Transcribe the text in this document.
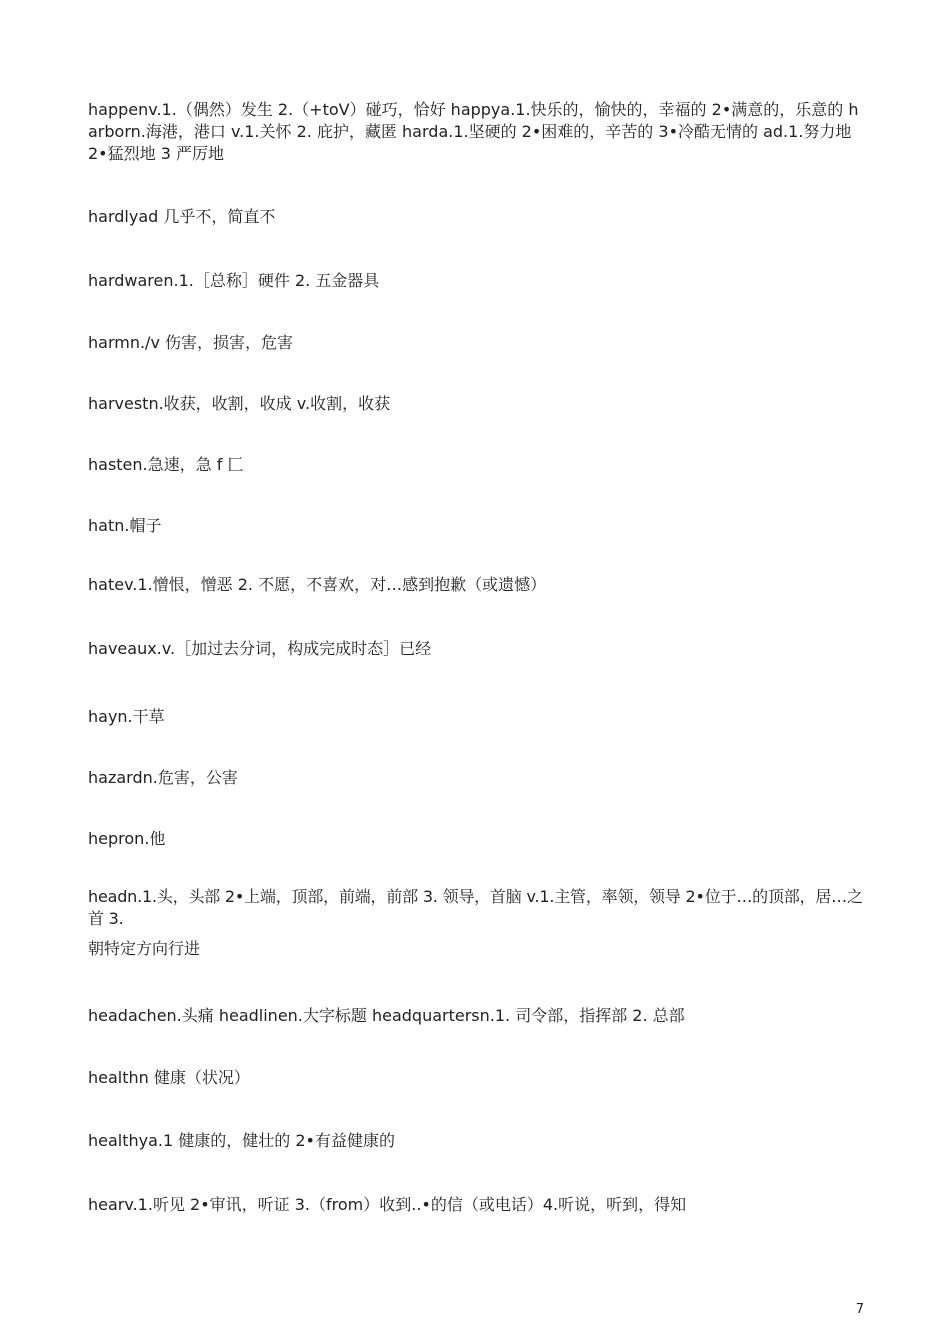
happenv.1.（偶然）发生 2.（+toV）碰巧，恰好 happya.1.快乐的，愉快的，幸福的 2•满意的，乐意的 harborn.海港，港口 v.1.关怀 2. 庇护，藏匿 harda.1.坚硬的 2•困难的，辛苦的 3•冷酷无情的 ad.1.努力地 2•猛烈地 3 严厉地
hardlyad 几乎不，简直不
hardwaren.1.［总称］硬件 2. 五金器具
harmn./v 伤害，损害，危害
harvestn.收获，收割，收成 v.收割，收获
hasten.急速，急 f 匚
hatn.帽子
hatev.1.憎恨，憎恶 2. 不愿，不喜欢，对…感到抱歉（或遗憾）
haveaux.v.［加过去分词，构成完成时态］已经
hayn.干草
hazardn.危害，公害
hepron.他
headn.1.头，头部 2•上端，顶部，前端，前部 3. 领导，首脑 v.1.主管，率领，领导 2•位于…的顶部，居…之首 3.
朝特定方向行进
headachen.头痛 headlinen.大字标题 headquartersn.1. 司令部，指挥部 2. 总部
healthn 健康（状况）
healthya.1 健康的，健壮的 2•有益健康的
hearv.1.听见 2•审讯，听证 3.（from）收到..•的信（或电话）4.听说，听到，得知
7
